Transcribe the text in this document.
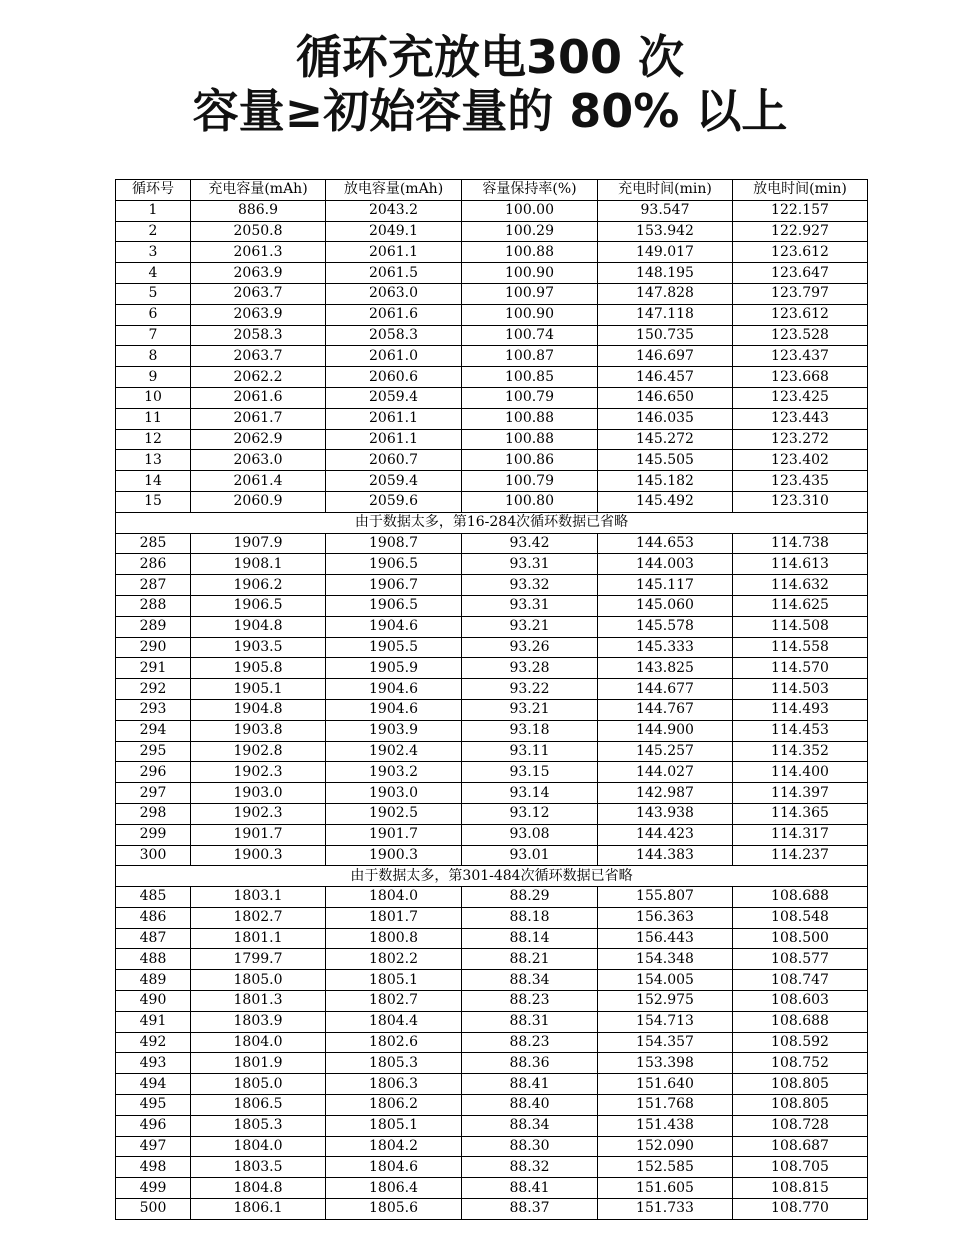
循环充放电300 次
容量≥初始容量的 80% 以上
循环号	充电容量(mAh)	放电容量(mAh)	容量保持率(%)	充电时间(min)	放电时间(min)
1	886.9	2043.2	100.00	93.547	122.157
2	2050.8	2049.1	100.29	153.942	122.927
3	2061.3	2061.1	100.88	149.017	123.612
4	2063.9	2061.5	100.90	148.195	123.647
5	2063.7	2063.0	100.97	147.828	123.797
6	2063.9	2061.6	100.90	147.118	123.612
7	2058.3	2058.3	100.74	150.735	123.528
8	2063.7	2061.0	100.87	146.697	123.437
9	2062.2	2060.6	100.85	146.457	123.668
10	2061.6	2059.4	100.79	146.650	123.425
11	2061.7	2061.1	100.88	146.035	123.443
12	2062.9	2061.1	100.88	145.272	123.272
13	2063.0	2060.7	100.86	145.505	123.402
14	2061.4	2059.4	100.79	145.182	123.435
15	2060.9	2059.6	100.80	145.492	123.310
由于数据太多，第16-284次循环数据已省略					
285	1907.9	1908.7	93.42	144.653	114.738
286	1908.1	1906.5	93.31	144.003	114.613
287	1906.2	1906.7	93.32	145.117	114.632
288	1906.5	1906.5	93.31	145.060	114.625
289	1904.8	1904.6	93.21	145.578	114.508
290	1903.5	1905.5	93.26	145.333	114.558
291	1905.8	1905.9	93.28	143.825	114.570
292	1905.1	1904.6	93.22	144.677	114.503
293	1904.8	1904.6	93.21	144.767	114.493
294	1903.8	1903.9	93.18	144.900	114.453
295	1902.8	1902.4	93.11	145.257	114.352
296	1902.3	1903.2	93.15	144.027	114.400
297	1903.0	1903.0	93.14	142.987	114.397
298	1902.3	1902.5	93.12	143.938	114.365
299	1901.7	1901.7	93.08	144.423	114.317
300	1900.3	1900.3	93.01	144.383	114.237
由于数据太多，第301-484次循环数据已省略					
485	1803.1	1804.0	88.29	155.807	108.688
486	1802.7	1801.7	88.18	156.363	108.548
487	1801.1	1800.8	88.14	156.443	108.500
488	1799.7	1802.2	88.21	154.348	108.577
489	1805.0	1805.1	88.34	154.005	108.747
490	1801.3	1802.7	88.23	152.975	108.603
491	1803.9	1804.4	88.31	154.713	108.688
492	1804.0	1802.6	88.23	154.357	108.592
493	1801.9	1805.3	88.36	153.398	108.752
494	1805.0	1806.3	88.41	151.640	108.805
495	1806.5	1806.2	88.40	151.768	108.805
496	1805.3	1805.1	88.34	151.438	108.728
497	1804.0	1804.2	88.30	152.090	108.687
498	1803.5	1804.6	88.32	152.585	108.705
499	1804.8	1806.4	88.41	151.605	108.815
500	1806.1	1805.6	88.37	151.733	108.770
